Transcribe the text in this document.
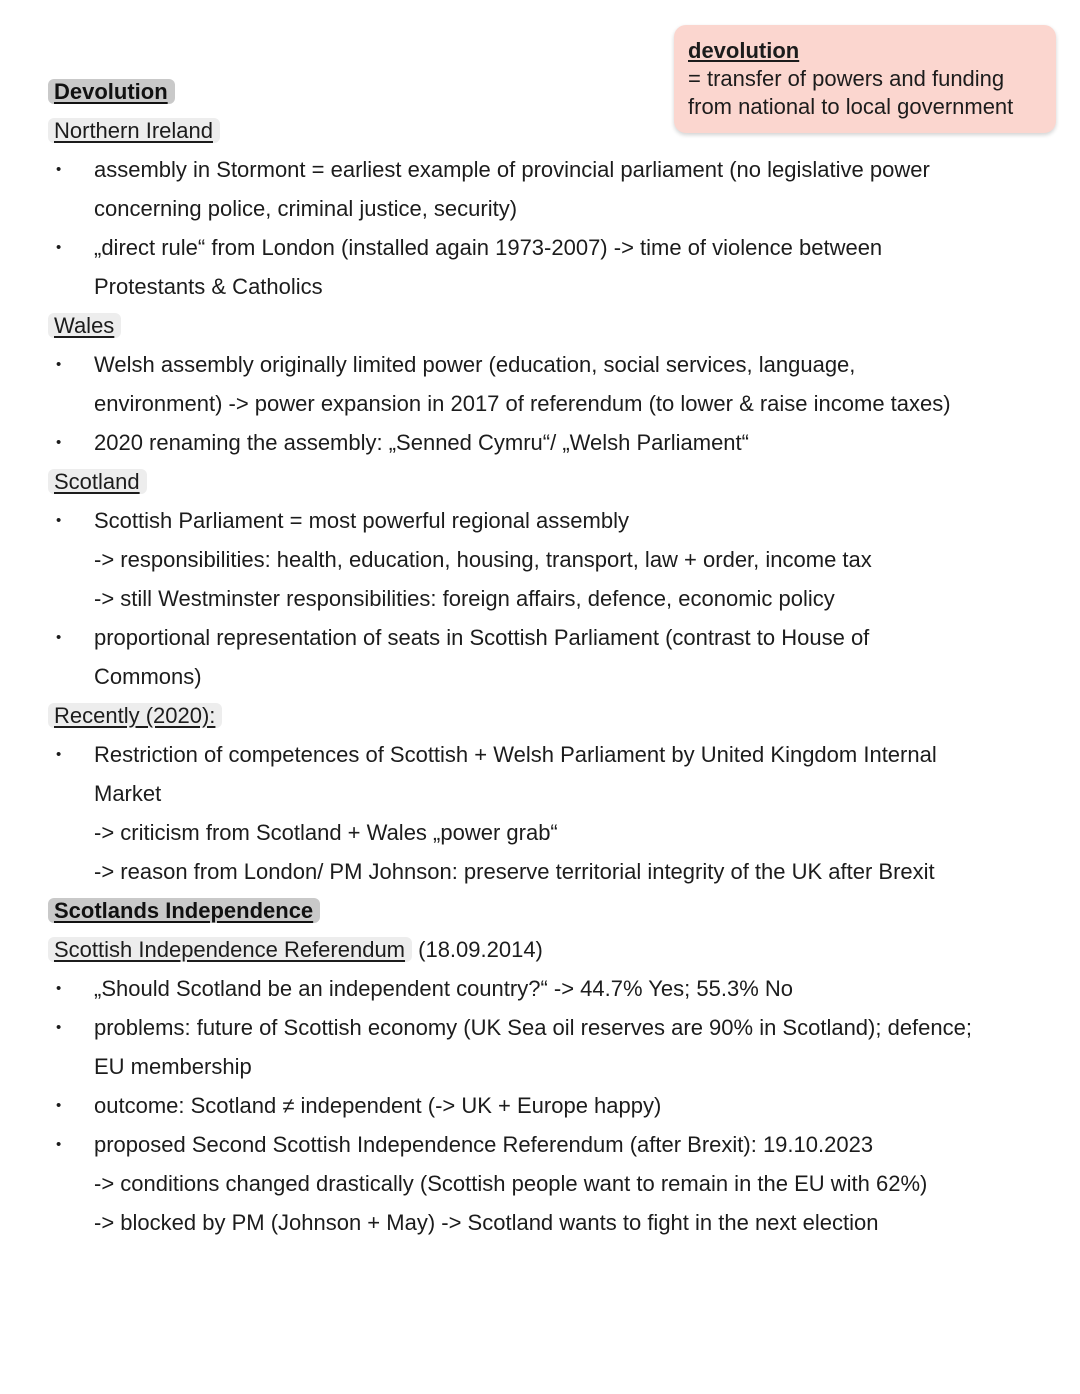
devolution
= transfer of powers and funding
from national to local government
Devolution
Northern Ireland
• assembly in Stormont = earliest example of provincial parliament (no legislative power
concerning police, criminal justice, security)
• „direct rule“ from London (installed again 1973-2007) -> time of violence between
Protestants & Catholics
Wales
• Welsh assembly originally limited power (education, social services, language,
environment) -> power expansion in 2017 of referendum (to lower & raise income taxes)
• 2020 renaming the assembly: „Senned Cymru“/ „Welsh Parliament“
Scotland
• Scottish Parliament = most powerful regional assembly
-> responsibilities: health, education, housing, transport, law + order, income tax
-> still Westminster responsibilities: foreign affairs, defence, economic policy
• proportional representation of seats in Scottish Parliament (contrast to House of
Commons)
Recently (2020):
• Restriction of competences of Scottish + Welsh Parliament by United Kingdom Internal
Market
-> criticism from Scotland + Wales „power grab“
-> reason from London/ PM Johnson: preserve territorial integrity of the UK after Brexit
Scotlands Independence
Scottish Independence Referendum (18.09.2014)
• „Should Scotland be an independent country?“ -> 44.7% Yes; 55.3% No
• problems: future of Scottish economy (UK Sea oil reserves are 90% in Scotland); defence;
EU membership
• outcome: Scotland ≠ independent (-> UK + Europe happy)
• proposed Second Scottish Independence Referendum (after Brexit): 19.10.2023
-> conditions changed drastically (Scottish people want to remain in the EU with 62%)
-> blocked by PM (Johnson + May) -> Scotland wants to fight in the next election
